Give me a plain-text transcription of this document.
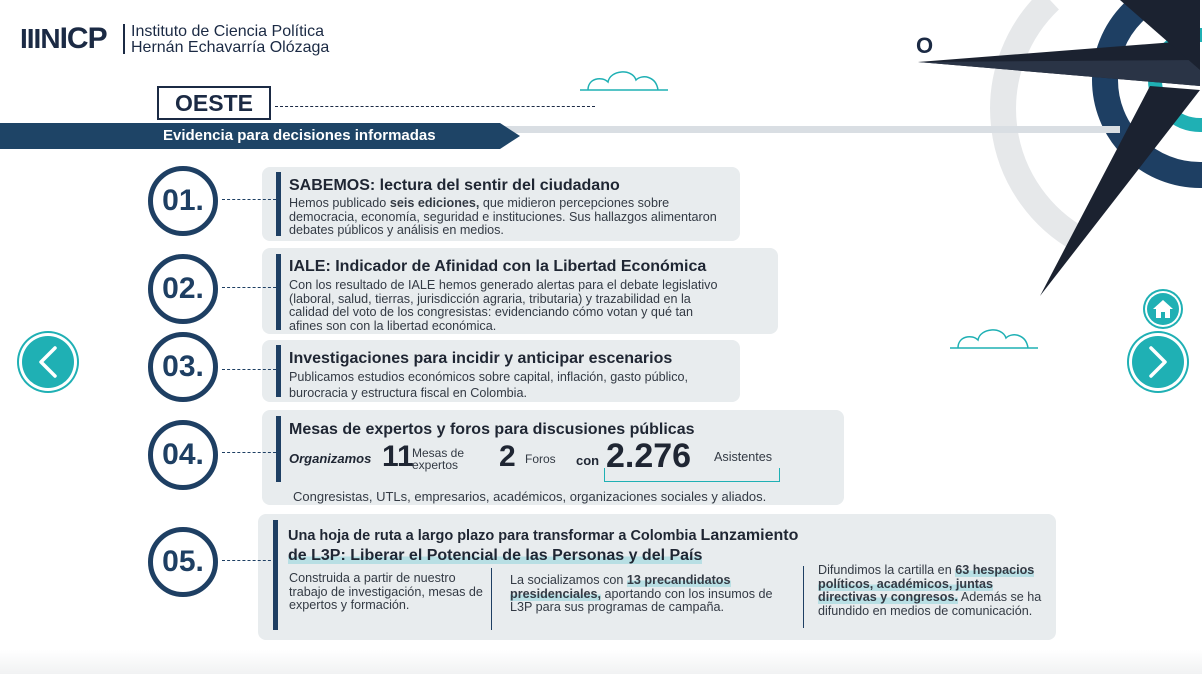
IIINICP Instituto de Ciencia Política
Hernán Echavarría Olózaga	O
OESTE
Evidencia para decisiones informadas
01.	SABEMOS: lectura del sentir del ciudadano
Hemos publicado seis ediciones, que midieron percepciones sobre democracia, economía, seguridad e instituciones. Sus hallazgos alimentaron debates públicos y análisis en medios.
02.
IALE: Indicador de Afinidad con la Libertad Económica
Con los resultado de IALE hemos generado alertas para el debate legislativo (laboral, salud, tierras, jurisdicción agraria, tributaria) y trazabilidad en la calidad del voto de los congresistas: evidenciando cómo votan y qué tan afines son con la libertad económica.
03.	Investigaciones para incidir y anticipar escenarios
Publicamos estudios económicos sobre capital, inflación, gasto público, burocracia y estructura fiscal en Colombia.
04.
Mesas de expertos y foros para discusiones públicas
Organizamos 11
Mesas de expertos	2 Foros con 2.276 Asistentes
Congresistas, UTLs, empresarios, académicos, organizaciones sociales y aliados.
05.
Una hoja de ruta a largo plazo para transformar a Colombia Lanzamiento
de L3P: Liberar el Potencial de las Personas y del País
Construida a partir de nuestro trabajo de investigación, mesas de expertos y formación.
La socializamos con 13 precandidatos presidenciales, aportando con los insumos de L3P para sus programas de campaña.
Difundimos la cartilla en 63 hespacios políticos, académicos, juntas directivas y congresos. Además se ha difundido en medios de comunicación.
